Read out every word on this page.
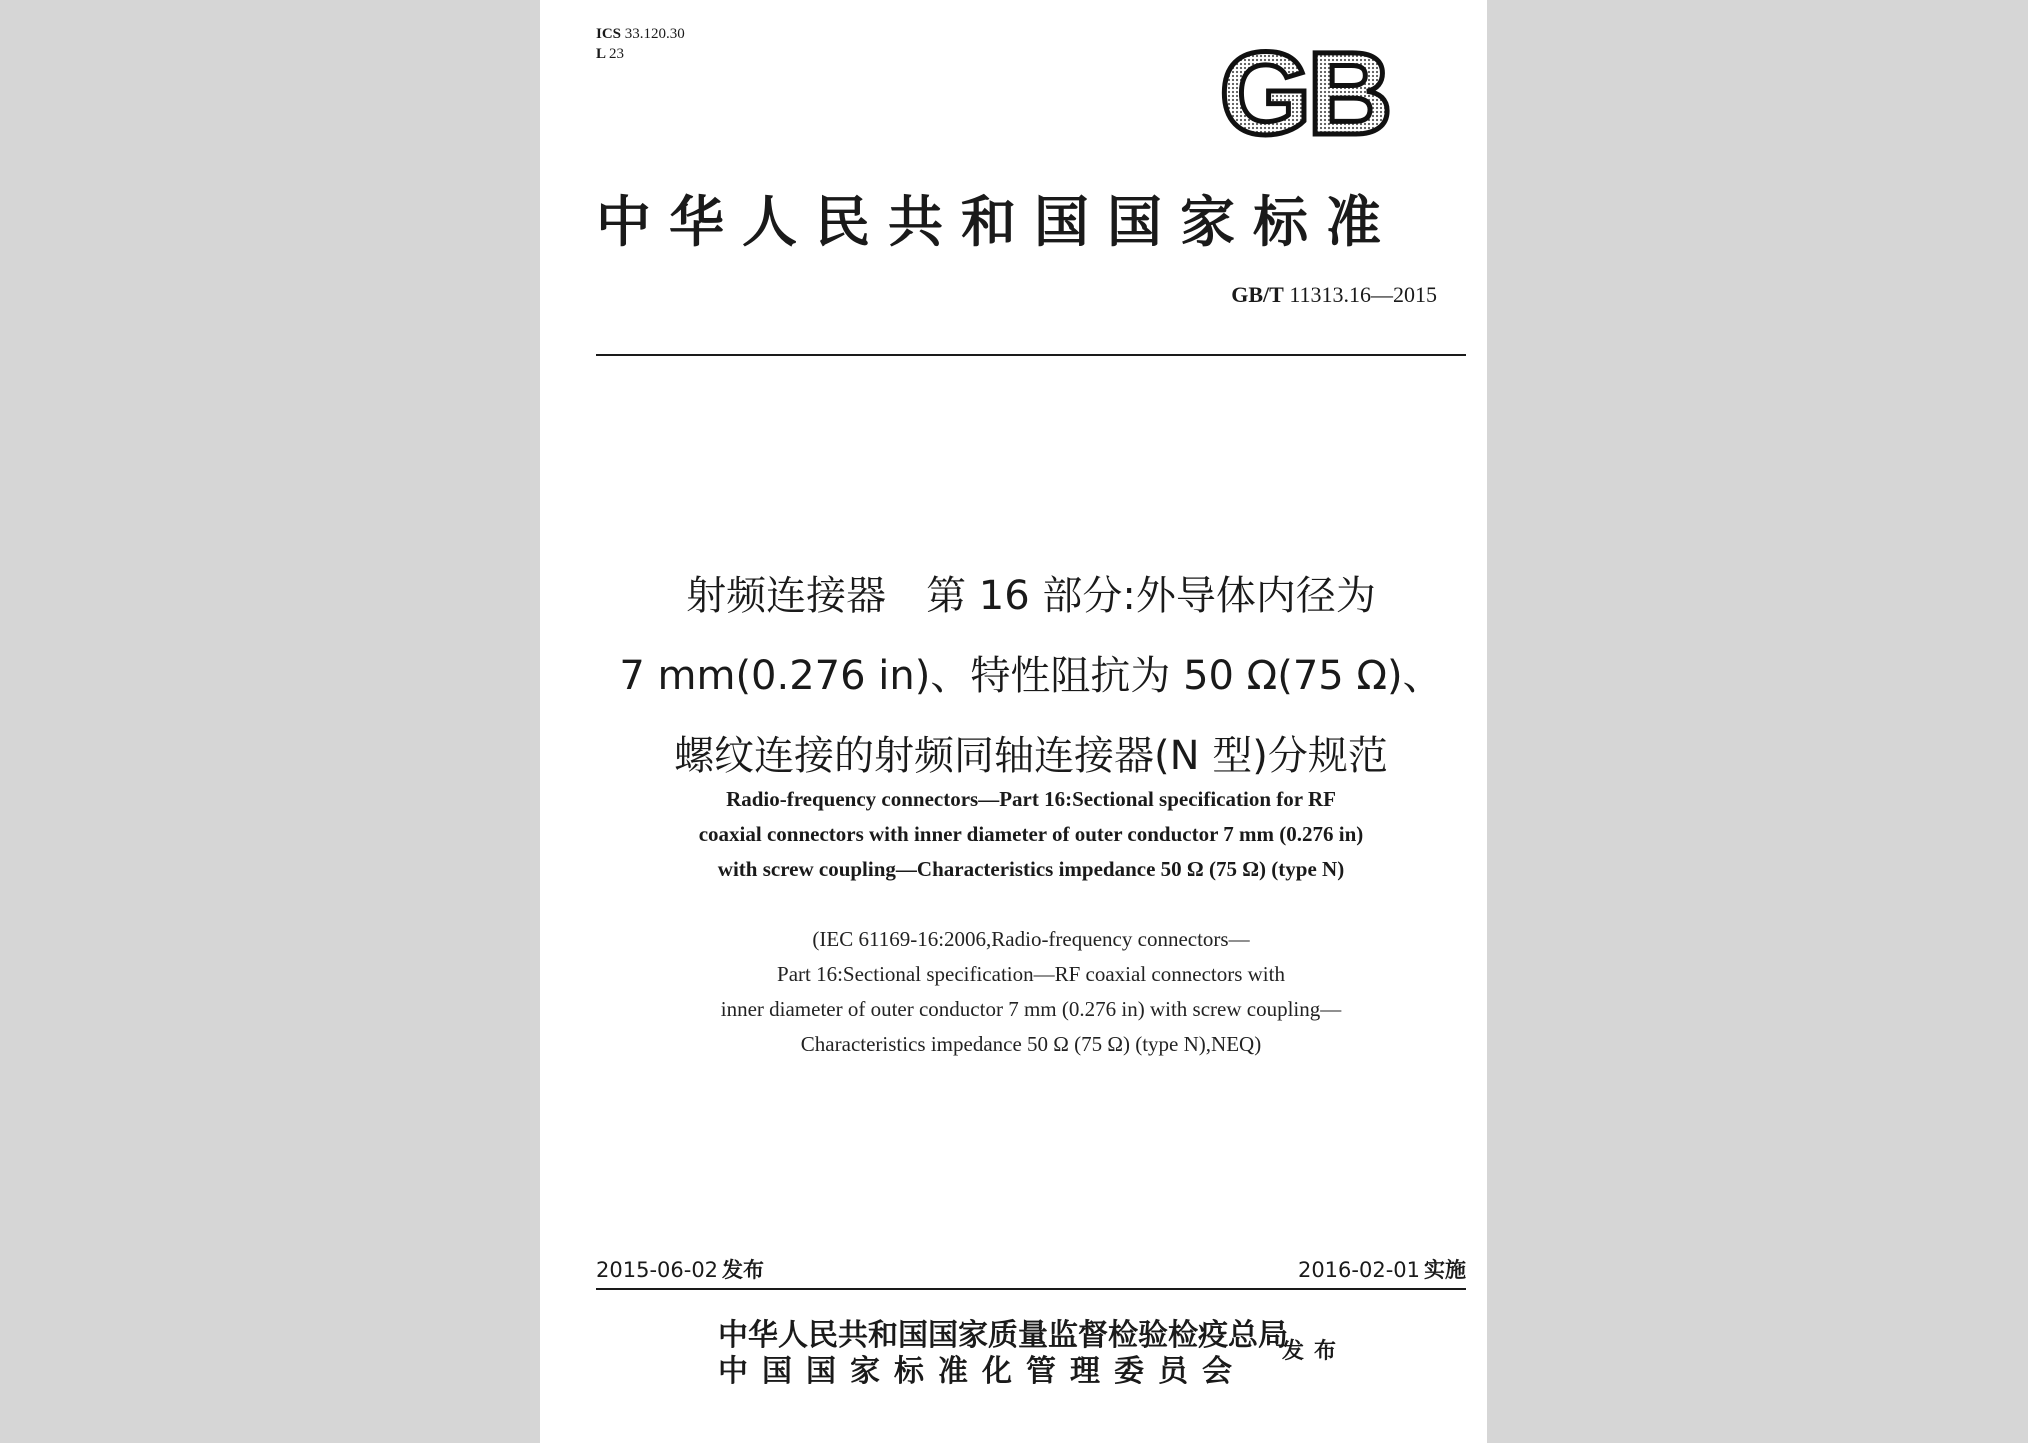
ICS 33.120.30
L 23	GB
中华人民共和国国家标准
GB/T 11313.16—2015
射频连接器　第 16 部分:外导体内径为
7 mm(0.276 in)、特性阻抗为 50 Ω(75 Ω)、
螺纹连接的射频同轴连接器(N 型)分规范
Radio-frequency connectors—Part 16:Sectional specification for RF
coaxial connectors with inner diameter of outer conductor 7 mm (0.276 in)
with screw coupling—Characteristics impedance 50 Ω (75 Ω) (type N)
(IEC 61169-16:2006,Radio-frequency connectors—
Part 16:Sectional specification—RF coaxial connectors with
inner diameter of outer conductor 7 mm (0.276 in) with screw coupling—
Characteristics impedance 50 Ω (75 Ω) (type N),NEQ)
2015-06-02 发布	2016-02-01 实施
中华人民共和国国家质量监督检验检疫总局
中国国家标准化管理委员会
发布
